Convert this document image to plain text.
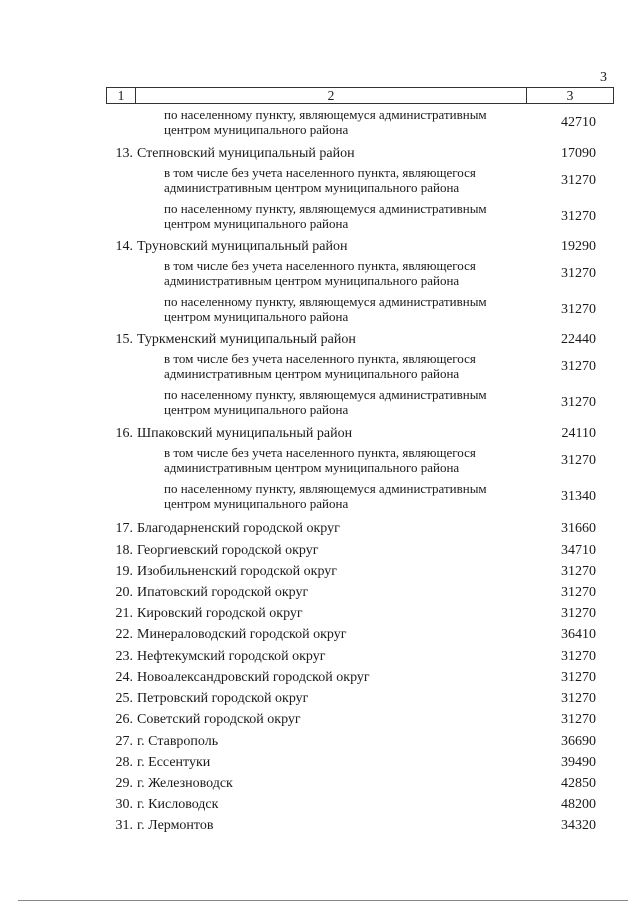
3
1	2	3
по населенному пункту, являющемуся административным центром муниципального района	42710
13. Степновский муниципальный район	17090
в том числе без учета населенного пункта, являющегося административным центром муниципального района	31270
по населенному пункту, являющемуся административным центром муниципального района	31270
14. Труновский муниципальный район	19290
в том числе без учета населенного пункта, являющегося административным центром муниципального района	31270
по населенному пункту, являющемуся административным центром муниципального района	31270
15. Туркменский муниципальный район	22440
в том числе без учета населенного пункта, являющегося административным центром муниципального района	31270
по населенному пункту, являющемуся административным центром муниципального района	31270
16. Шпаковский муниципальный район	24110
в том числе без учета населенного пункта, являющегося административным центром муниципального района	31270
по населенному пункту, являющемуся административным центром муниципального района	31340
17. Благодарненский городской округ	31660
18. Георгиевский городской округ	34710
19. Изобильненский городской округ	31270
20. Ипатовский городской округ	31270
21. Кировский городской округ	31270
22. Минераловодский городской округ	36410
23. Нефтекумский городской округ	31270
24. Новоалександровский городской округ	31270
25. Петровский городской округ	31270
26. Советский городской округ	31270
27. г. Ставрополь	36690
28. г. Ессентуки	39490
29. г. Железноводск	42850
30. г. Кисловодск	48200
31. г. Лермонтов	34320
